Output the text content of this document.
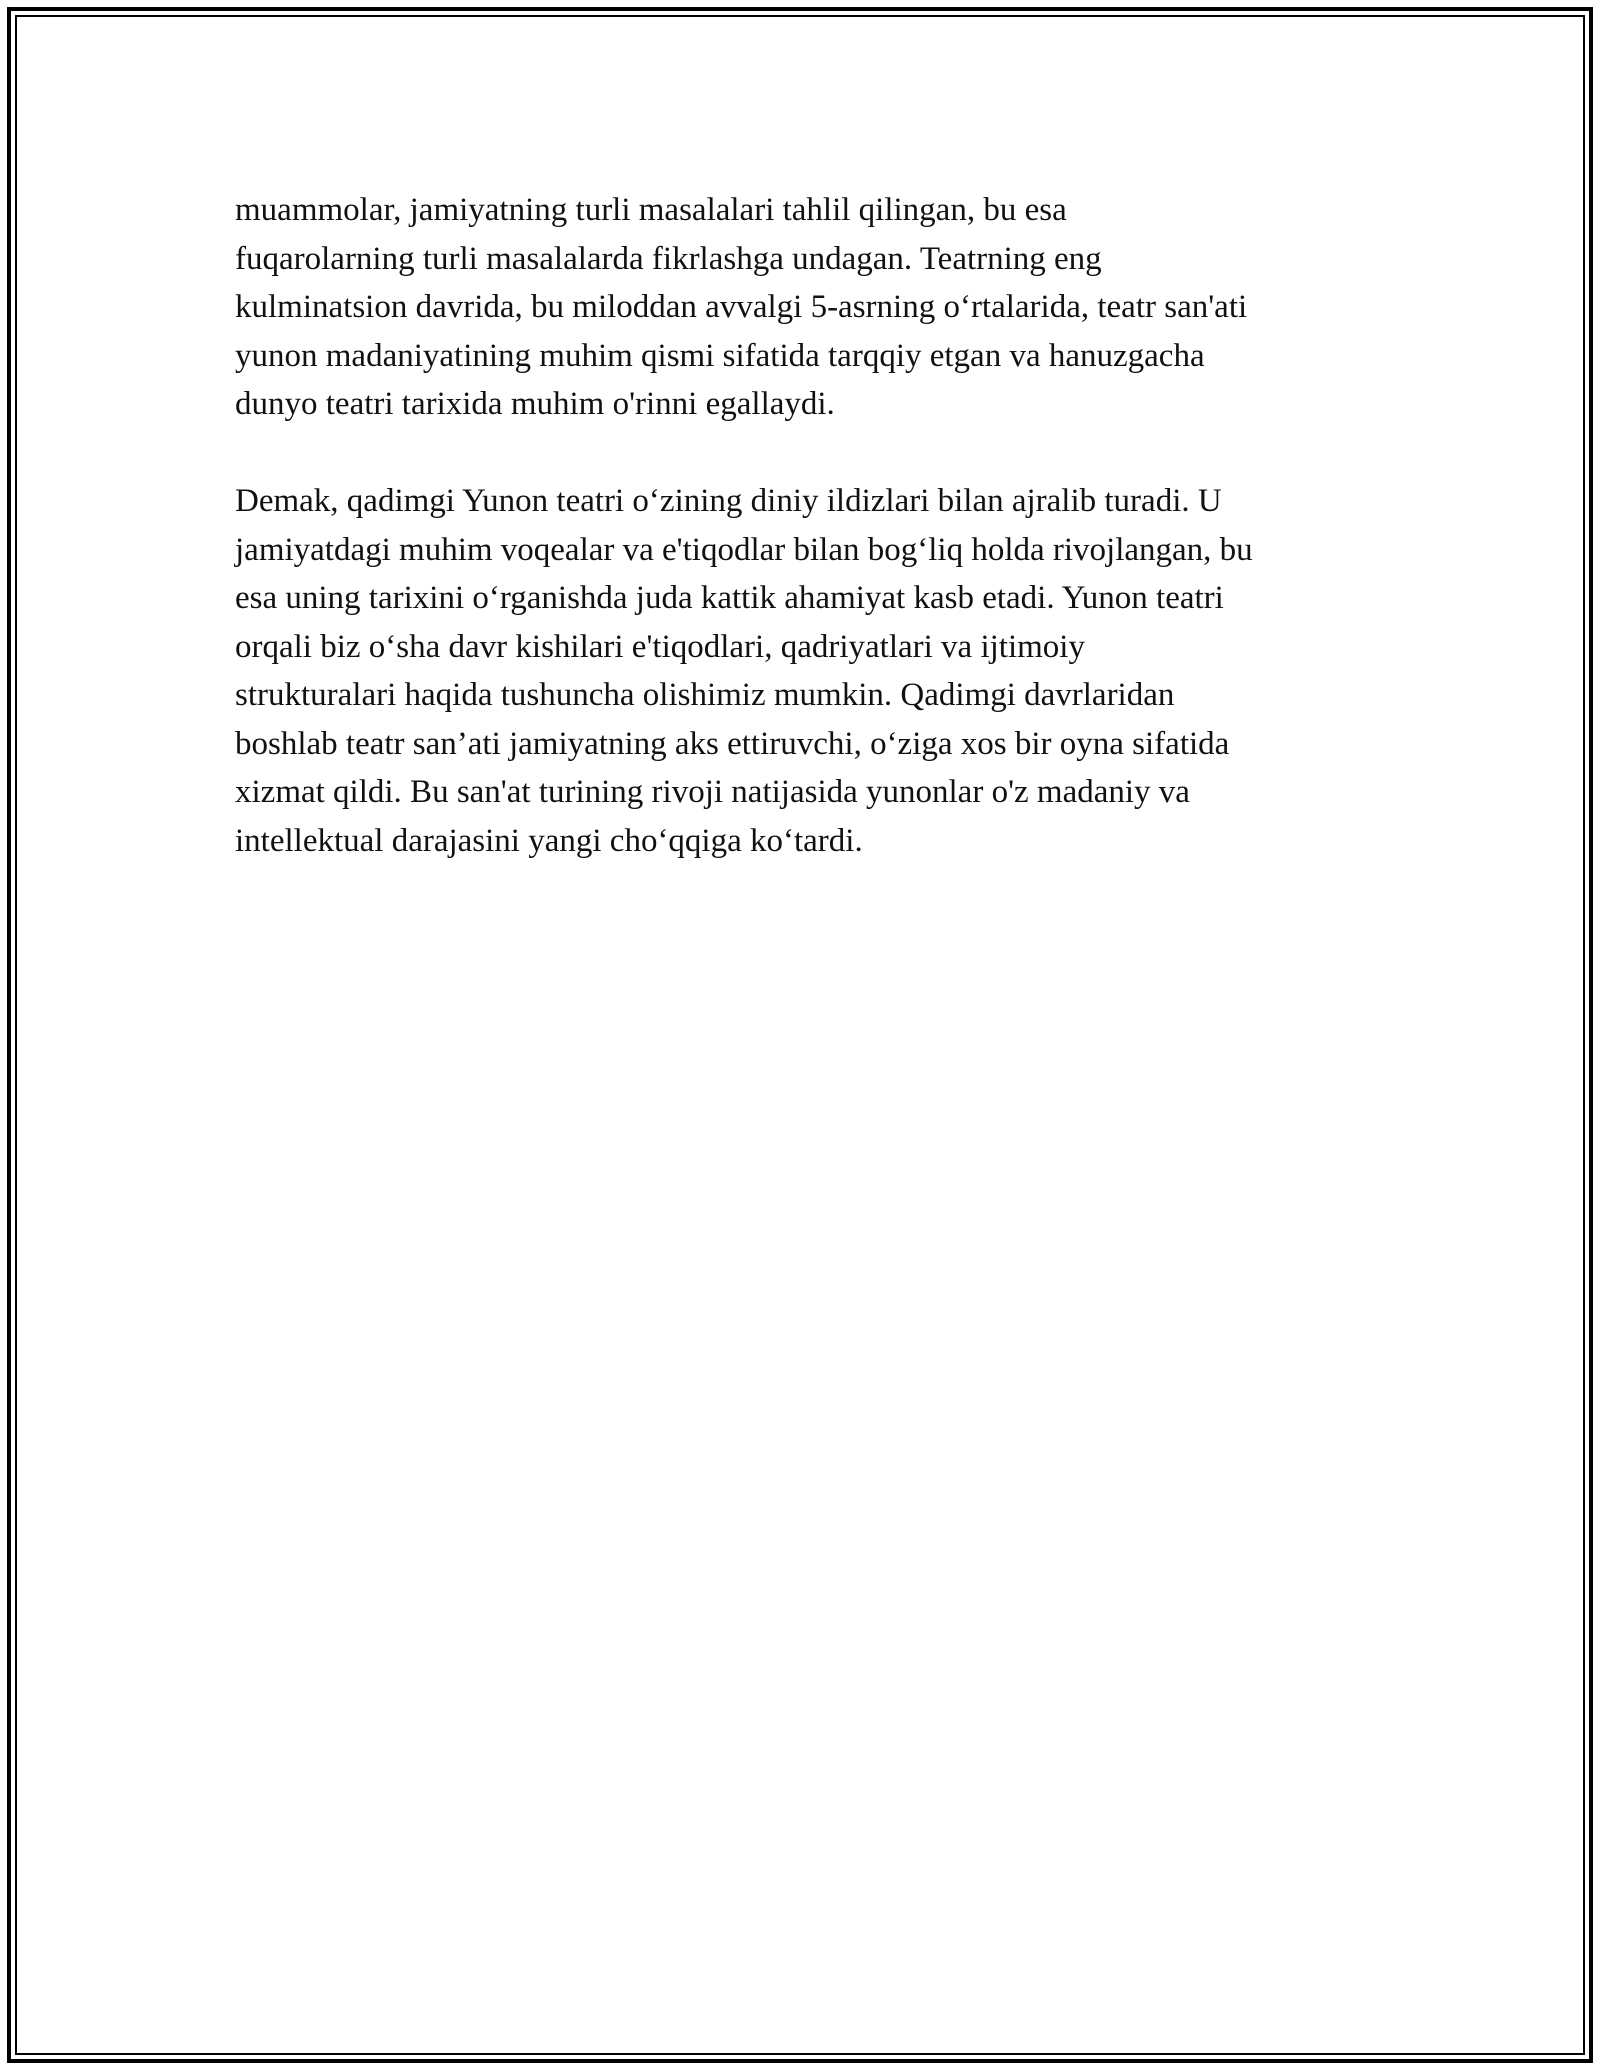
muammolar, jamiyatning turli masalalari tahlil qilingan, bu esa
fuqarolarning turli masalalarda fikrlashga undagan. Teatrning eng
kulminatsion davrida, bu miloddan avvalgi 5-asrning o‘rtalarida, teatr san'ati
yunon madaniyatining muhim qismi sifatida tarqqiy etgan va hanuzgacha
dunyo teatri tarixida muhim o'rinni egallaydi.

Demak, qadimgi Yunon teatri o‘zining diniy ildizlari bilan ajralib turadi. U
jamiyatdagi muhim voqealar va e'tiqodlar bilan bog‘liq holda rivojlangan, bu
esa uning tarixini o‘rganishda juda kattik ahamiyat kasb etadi. Yunon teatri
orqali biz o‘sha davr kishilari e'tiqodlari, qadriyatlari va ijtimoiy
strukturalari haqida tushuncha olishimiz mumkin. Qadimgi davrlaridan
boshlab teatr san’ati jamiyatning aks ettiruvchi, o‘ziga xos bir oyna sifatida
xizmat qildi. Bu san'at turining rivoji natijasida yunonlar o'z madaniy va
intellektual darajasini yangi cho‘qqiga ko‘tardi.
